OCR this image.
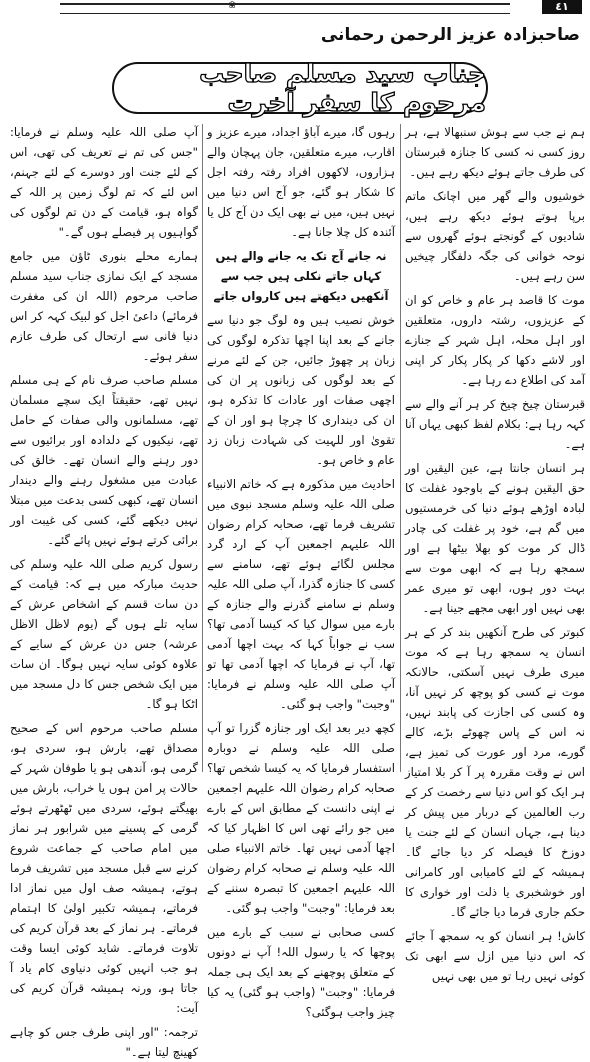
❀	٤١
صاحبزادہ عزیز الرحمن رحمانی
جناب سید مسلم صاحب مرحوم کا سفر آخرت

ہم نے جب سے ہوش سنبھالا ہے، ہر روز کسی نہ کسی کا جنازہ قبرستان کی طرف جاتے ہوئے دیکھ رہے ہیں۔

خوشیوں والے گھر میں اچانک ماتم برپا ہوتے ہوئے دیکھ رہے ہیں، شادیوں کے گونجتے ہوئے گھروں سے نوحہ خوانی کی جگہ دلفگار چیخیں سن رہے ہیں۔

موت کا قاصد ہر عام و خاص کو ان کے عزیزوں، رشتہ داروں، متعلقین اور اہل محلہ، اہل شہر کے جنازے اور لاشے دکھا کر پکار پکار کر اپنی آمد کی اطلاع دے رہا ہے۔

قبرستان چیخ چیخ کر ہر آنے والے سے کہہ رہا ہے: بکلام لفظ کبھی یہاں آنا ہے۔

ہر انسان جانتا ہے، عین الیقین اور حق الیقین ہونے کے باوجود غفلت کا لبادہ اوڑھے ہوئے دنیا کی خرمستیوں میں گم ہے، خود پر غفلت کی چادر ڈال کر موت کو بھلا بیٹھا ہے اور سمجھ رہا ہے کہ ابھی موت سے بہت دور ہوں، ابھی تو میری عمر بھی نہیں اور ابھی مجھے جینا ہے۔

کبوتر کی طرح آنکھیں بند کر کے ہر انسان یہ سمجھ رہا ہے کہ موت میری طرف نہیں آسکتی، حالانکہ موت نے کسی کو پوچھ کر نہیں آنا، وہ کسی کی اجازت کی پابند نہیں، نہ اس کے پاس چھوٹے بڑے، کالے گورے، مرد اور عورت کی تمیز ہے، اس نے وقت مقررہ پر آ کر بلا امتیاز ہر ایک کو اس دنیا سے رخصت کر کے رب العالمین کے دربار میں پیش کر دینا ہے، جہاں انسان کے لئے جنت یا دوزخ کا فیصلہ کر دیا جائے گا۔ ہمیشہ کے لئے کامیابی اور کامرانی اور خوشخبری یا ذلت اور خواری کا حکم جاری فرما دیا جائے گا۔

کاش! ہر انسان کو یہ سمجھ آ جائے کہ اس دنیا میں ازل سے ابھی تک کوئی نہیں رہا تو میں بھی نہیں

رہوں گا، میرے آباؤ اجداد، میرے عزیز و اقارب، میرے متعلقین، جان پہچان والے ہزاروں، لاکھوں افراد رفتہ رفتہ اجل کا شکار ہو گئے، جو آج اس دنیا میں نہیں ہیں، میں نے بھی ایک دن آج کل یا آئندہ کل چلا جانا ہے۔

نہ جانے آج تک یہ جانے والے ہیں کہاں جاتے نکلی ہیں جب سے آنکھیں دیکھتے ہیں کارواں جاتے

خوش نصیب ہیں وہ لوگ جو دنیا سے جانے کے بعد اپنا اچھا تذکرہ لوگوں کی زبان پر چھوڑ جائیں، جن کے لئے مرنے کے بعد لوگوں کی زبانوں پر ان کی اچھی صفات اور عادات کا تذکرہ ہو، ان کی دینداری کا چرچا ہو اور ان کے تقویٰ اور للہیت کی شہادت زبان زد عام و خاص ہو۔

احادیث میں مذکورہ ہے کہ خاتم الانبیاء صلی اللہ علیہ وسلم مسجد نبوی میں تشریف فرما تھے، صحابہ کرام رضوان اللہ علیہم اجمعین آپ کے ارد گرد مجلس لگائے ہوئے تھے، سامنے سے کسی کا جنازہ گذرا، آپ صلی اللہ علیہ وسلم نے سامنے گذرنے والے جنازہ کے بارے میں سوال کیا کہ کیسا آدمی تھا؟ سب نے جواباً کہا کہ بہت اچھا آدمی تھا، آپ نے فرمایا کہ اچھا آدمی تھا تو آپ صلی اللہ علیہ وسلم نے فرمایا: "وجبت" واجب ہو گئی۔

کچھ دیر بعد ایک اور جنازہ گزرا تو آپ صلی اللہ علیہ وسلم نے دوبارہ استفسار فرمایا کہ یہ کیسا شخص تھا؟ صحابہ کرام رضوان اللہ علیہم اجمعین نے اپنی دانست کے مطابق اس کے بارے میں جو رائے تھی اس کا اظہار کیا کہ اچھا آدمی نہیں تھا۔ خاتم الانبیاء صلی اللہ علیہ وسلم نے صحابہ کرام رضوان اللہ علیہم اجمعین کا تبصرہ سننے کے بعد فرمایا: "وجبت" واجب ہو گئی۔

کسی صحابی نے سبب کے بارے میں پوچھا کہ یا رسول اللہ! آپ نے دونوں کے متعلق پوچھنے کے بعد ایک ہی جملہ فرمایا: "وجبت" (واجب ہو گئی) یہ کیا چیز واجب ہوگئی؟

آپ صلی اللہ علیہ وسلم نے فرمایا: "جس کی تم نے تعریف کی تھی، اس کے لئے جنت اور دوسرے کے لئے جہنم، اس لئے کہ تم لوگ زمین پر اللہ کے گواہ ہو، قیامت کے دن تم لوگوں کی گواہیوں پر فیصلے ہوں گے۔"

ہمارے محلے بنوری ٹاؤن میں جامع مسجد کے ایک نمازی جناب سید مسلم صاحب مرحوم (اللہ ان کی مغفرت فرمائے) داعیٔ اجل کو لبیک کہہ کر اس دنیا فانی سے ارتحال کی طرف عازم سفر ہوئے۔

مسلم صاحب صرف نام کے ہی مسلم نہیں تھے، حقیقتاً ایک سچے مسلمان تھے، مسلمانوں والی صفات کے حامل تھے، نیکیوں کے دلدادہ اور برائیوں سے دور رہنے والے انسان تھے۔ خالق کی عبادت میں مشغول رہنے والے دیندار انسان تھے، کبھی کسی بدعت میں مبتلا نہیں دیکھے گئے، کسی کی غیبت اور برائی کرتے ہوئے نہیں پائے گئے۔

رسول کریم صلی اللہ علیہ وسلم کی حدیث مبارکہ میں ہے کہ: قیامت کے دن سات قسم کے اشخاص عرش کے سایہ تلے ہوں گے (یوم لاظل الاظل عرشہ) جس دن عرش کے سایے کے علاوہ کوئی سایہ نہیں ہوگا۔ ان سات میں ایک شخص جس کا دل مسجد میں اٹکا ہو گا۔

مسلم صاحب مرحوم اس کے صحیح مصداق تھے، بارش ہو، سردی ہو، گرمی ہو، آندھی ہو یا طوفان شہر کے حالات پر امن ہوں یا خراب، بارش میں بھیگتے ہوئے، سردی میں ٹھٹھرتے ہوئے گرمی کے پسینے میں شرابور ہر نماز میں امام صاحب کے جماعت شروع کرنے سے قبل مسجد میں تشریف فرما ہوتے، ہمیشہ صف اول میں نماز ادا فرماتے، ہمیشہ تکبیر اولیٰ کا اہتمام فرماتے۔ ہر نماز کے بعد قرآن کریم کی تلاوت فرماتے۔ شاید کوئی ایسا وقت ہو جب انہیں کوئی دنیاوی کام یاد آ جاتا ہو، ورنہ ہمیشہ قرآن کریم کی آیت:

ترجمہ: "اور اپنی طرف جس کو چاہے کھینچ لیتا ہے۔"
